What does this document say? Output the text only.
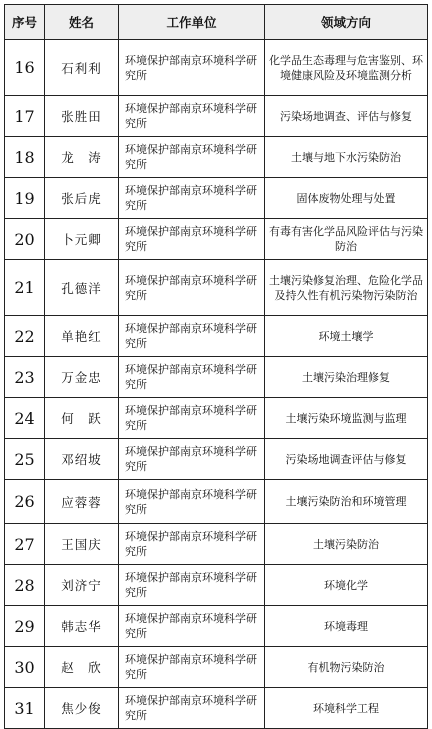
序号	姓名	工作单位	领域方向
16	石利利	环境保护部南京环境科学研究所	化学品生态毒理与危害鉴别、环境健康风险及环境监测分析
17	张胜田	环境保护部南京环境科学研究所	污染场地调查、评估与修复
18	龙　涛	环境保护部南京环境科学研究所	土壤与地下水污染防治
19	张后虎	环境保护部南京环境科学研究所	固体废物处理与处置
20	卜元卿	环境保护部南京环境科学研究所	有毒有害化学品风险评估与污染防治
21	孔德洋	环境保护部南京环境科学研究所	土壤污染修复治理、危险化学品及持久性有机污染物污染防治
22	单艳红	环境保护部南京环境科学研究所	环境土壤学
23	万金忠	环境保护部南京环境科学研究所	土壤污染治理修复
24	何　跃	环境保护部南京环境科学研究所	土壤污染环境监测与监理
25	邓绍坡	环境保护部南京环境科学研究所	污染场地调查评估与修复
26	应蓉蓉	环境保护部南京环境科学研究所	土壤污染防治和环境管理
27	王国庆	环境保护部南京环境科学研究所	土壤污染防治
28	刘济宁	环境保护部南京环境科学研究所	环境化学
29	韩志华	环境保护部南京环境科学研究所	环境毒理
30	赵　欣	环境保护部南京环境科学研究所	有机物污染防治
31	焦少俊	环境保护部南京环境科学研究所	环境科学工程
